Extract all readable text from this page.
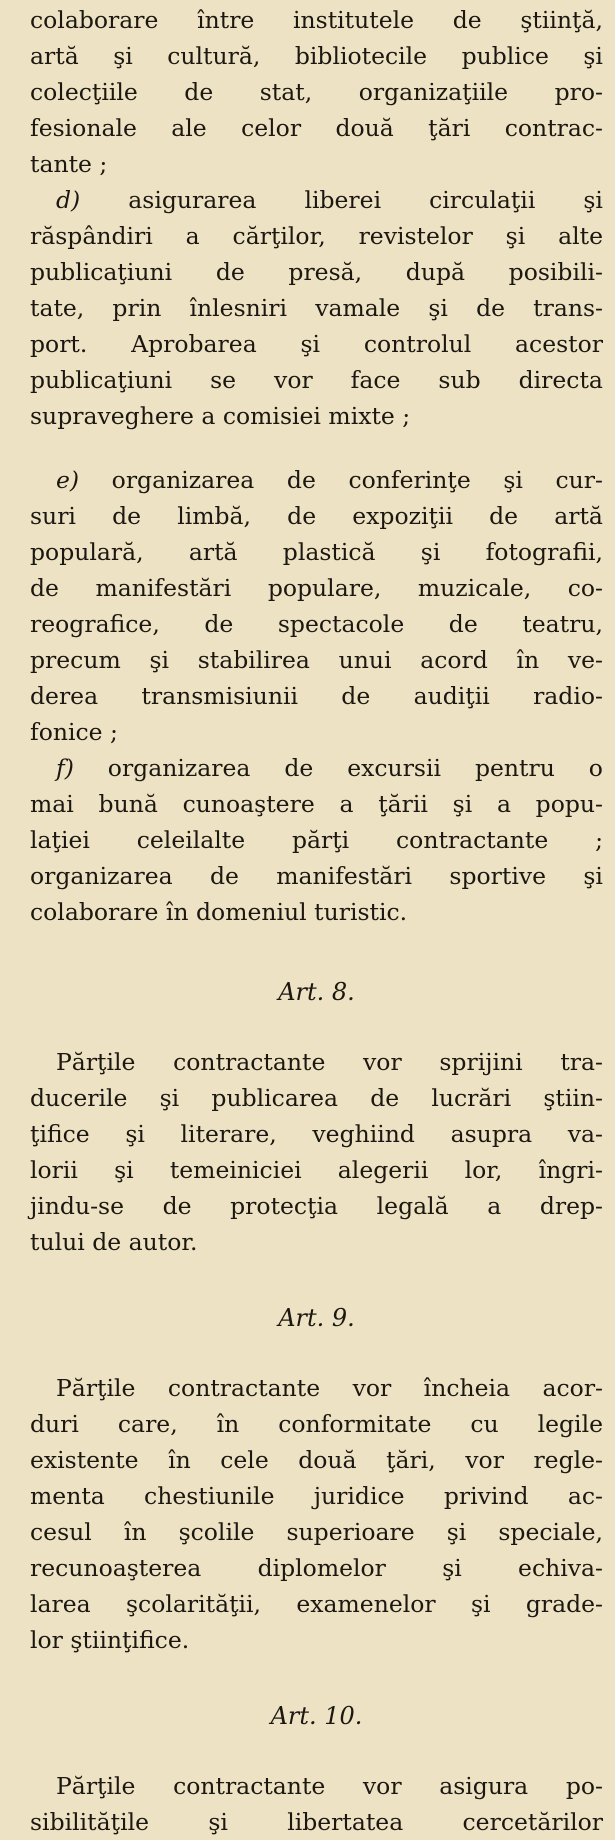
colaborare între institutele de ştiinţă,
artă şi cultură, bibliotecile publice şi
colecţiile de stat, organizaţiile pro-
fesionale ale celor două ţări contrac-
tante ;
d) asigurarea liberei circulaţii şi
răspândiri a cărţilor, revistelor şi alte
publicaţiuni de presă, după posibili-
tate, prin înlesniri vamale şi de trans-
port. Aprobarea şi controlul acestor
publicaţiuni se vor face sub directa
supraveghere a comisiei mixte ;
e) organizarea de conferinţe şi cur-
suri de limbă, de expoziţii de artă
populară, artă plastică şi fotografii,
de manifestări populare, muzicale, co-
reografice, de spectacole de teatru,
precum şi stabilirea unui acord în ve-
derea transmisiunii de audiţii radio-
fonice ;
f) organizarea de excursii pentru o
mai bună cunoaştere a ţării şi a popu-
laţiei celeilalte părţi contractante ;
organizarea de manifestări sportive şi
colaborare în domeniul turistic.
Art. 8.
Părţile contractante vor sprijini tra-
ducerile şi publicarea de lucrări ştiin-
ţifice şi literare, veghiind asupra va-
lorii şi temeiniciei alegerii lor, îngri-
jindu-se de protecţia legală a drep-
tului de autor.
Art. 9.
Părţile contractante vor încheia acor-
duri care, în conformitate cu legile
existente în cele două ţări, vor regle-
menta chestiunile juridice privind ac-
cesul în şcolile superioare şi speciale,
recunoaşterea diplomelor şi echiva-
larea şcolarităţii, examenelor şi grade-
lor ştiinţifice.
Art. 10.
Părţile contractante vor asigura po-
sibilităţile	şi	libertatea	cercetărilor
